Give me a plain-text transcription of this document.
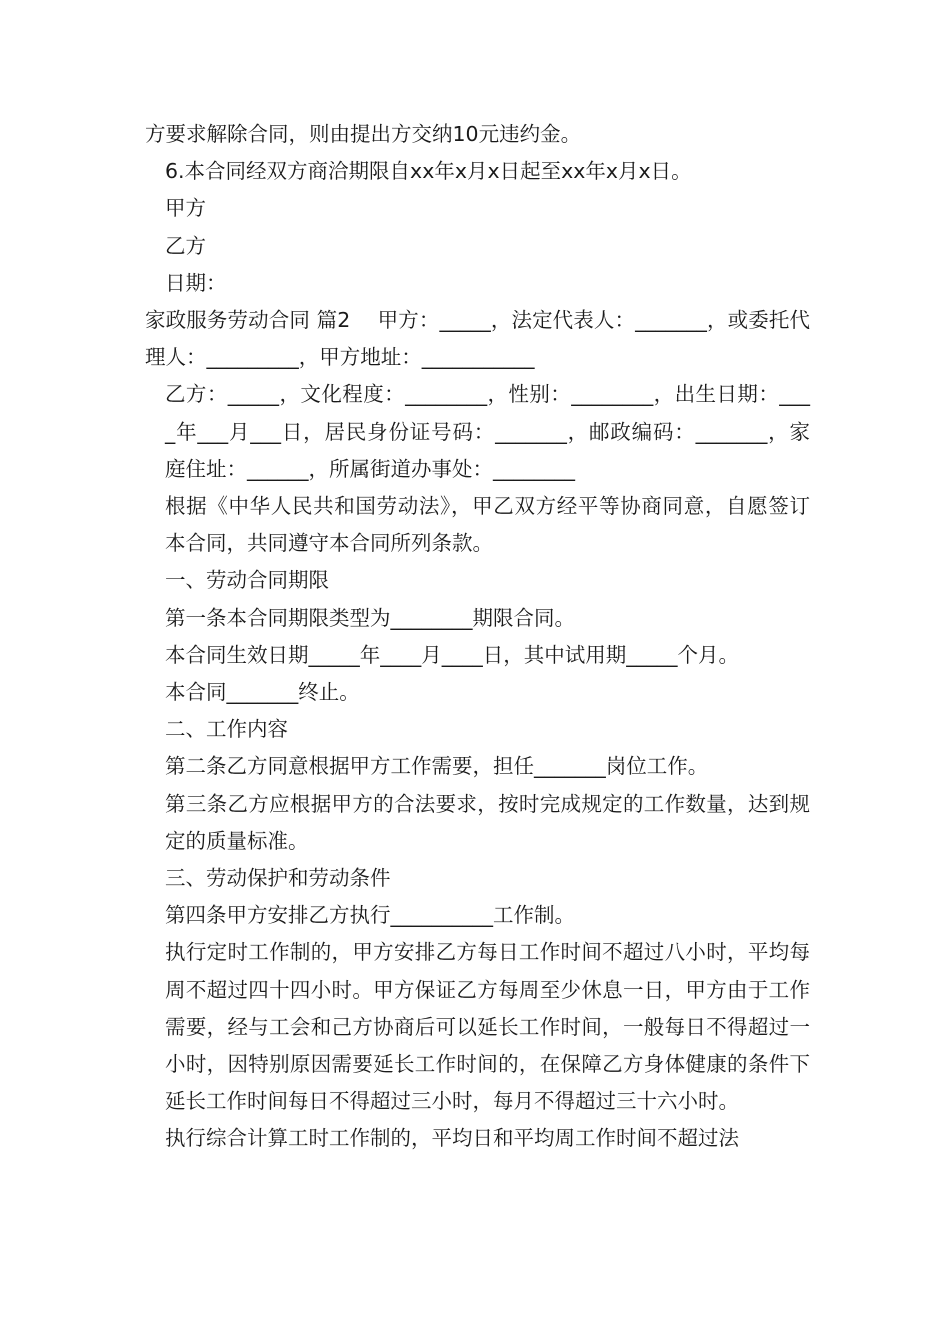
方要求解除合同，则由提出方交纳10元违约金。

6.本合同经双方商洽期限自xx年x月x日起至xx年x月x日。

甲方

乙方

日期：

家政服务劳动合同 篇2　 甲方：_____，法定代表人：_______，或委托代理人：_________，甲方地址：___________

乙方：_____，文化程度：________，性别：________，出生日期：____年___月___日，居民身份证号码：_______，邮政编码：_______，家庭住址：______，所属街道办事处：________

根据《中华人民共和国劳动法》，甲乙双方经平等协商同意，自愿签订本合同，共同遵守本合同所列条款。

一、劳动合同期限

第一条本合同期限类型为________期限合同。

本合同生效日期_____年____月____日，其中试用期_____个月。

本合同_______终止。

二、工作内容

第二条乙方同意根据甲方工作需要，担任_______岗位工作。

第三条乙方应根据甲方的合法要求，按时完成规定的工作数量，达到规定的质量标准。

三、劳动保护和劳动条件

第四条甲方安排乙方执行__________工作制。

执行定时工作制的，甲方安排乙方每日工作时间不超过八小时，平均每周不超过四十四小时。甲方保证乙方每周至少休息一日，甲方由于工作需要，经与工会和己方协商后可以延长工作时间，一般每日不得超过一小时，因特别原因需要延长工作时间的，在保障乙方身体健康的条件下延长工作时间每日不得超过三小时，每月不得超过三十六小时。

执行综合计算工时工作制的，平均日和平均周工作时间不超过法
